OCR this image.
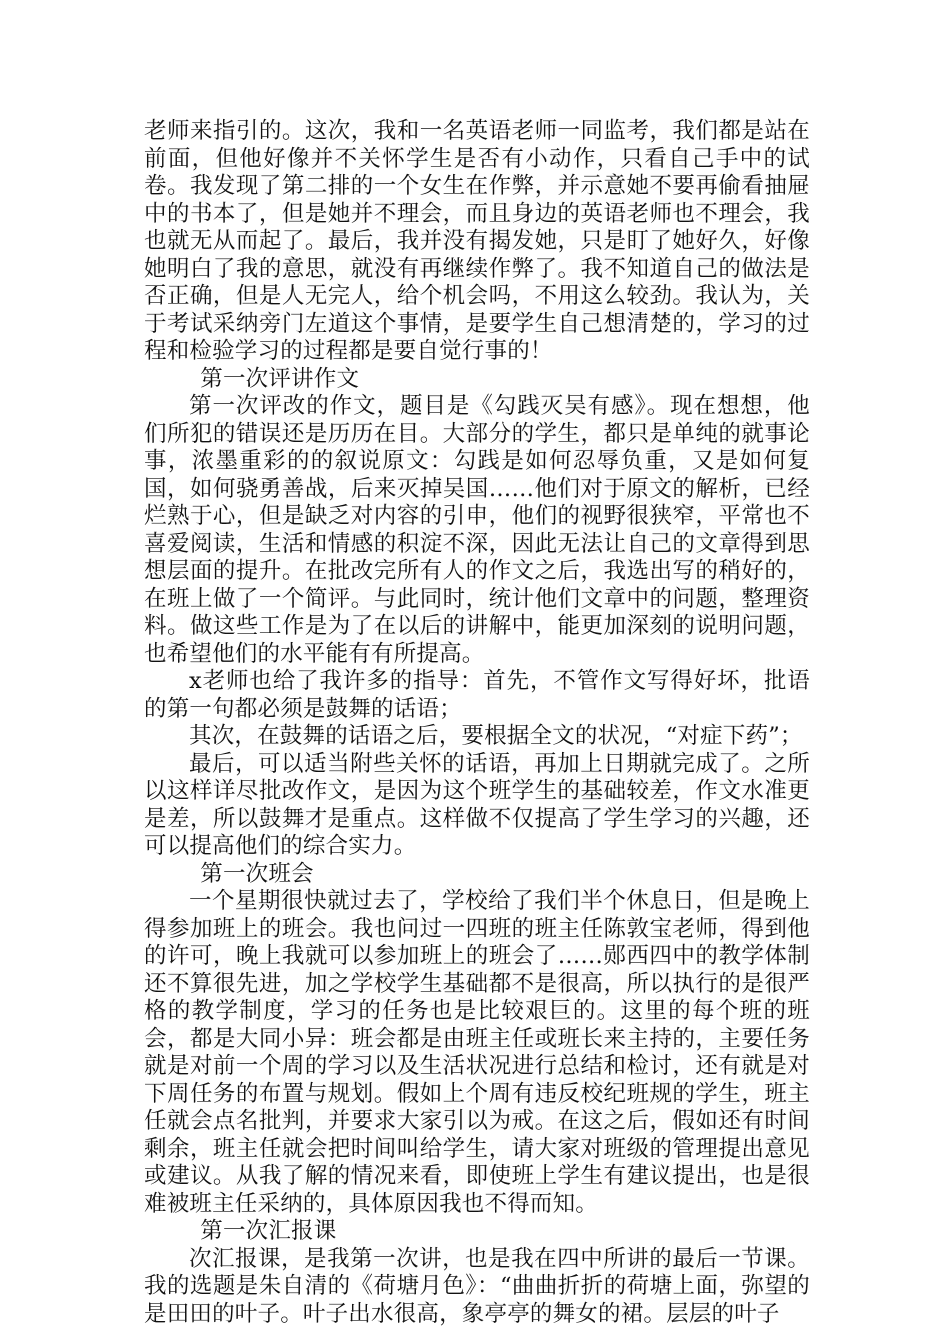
老师来指引的。这次，我和一名英语老师一同监考，我们都是站在前面，但他好像并不关怀学生是否有小动作，只看自己手中的试卷。我发现了第二排的一个女生在作弊，并示意她不要再偷看抽屉中的书本了，但是她并不理会，而且身边的英语老师也不理会，我也就无从而起了。最后，我并没有揭发她，只是盯了她好久，好像她明白了我的意思，就没有再继续作弊了。我不知道自己的做法是否正确，但是人无完人，给个机会吗，不用这么较劲。我认为，关于考试采纳旁门左道这个事情，是要学生自己想清楚的，学习的过程和检验学习的过程都是要自觉行事的！

第一次评讲作文

第一次评改的作文，题目是《勾践灭吴有感》。现在想想，他们所犯的错误还是历历在目。大部分的学生，都只是单纯的就事论事，浓墨重彩的的叙说原文：勾践是如何忍辱负重，又是如何复国，如何骁勇善战，后来灭掉吴国……他们对于原文的解析，已经烂熟于心，但是缺乏对内容的引申，他们的视野很狭窄，平常也不喜爱阅读，生活和情感的积淀不深，因此无法让自己的文章得到思想层面的提升。在批改完所有人的作文之后，我选出写的稍好的，在班上做了一个简评。与此同时，统计他们文章中的问题，整理资料。做这些工作是为了在以后的讲解中，能更加深刻的说明问题，也希望他们的水平能有有所提高。

x老师也给了我许多的指导：首先，不管作文写得好坏，批语的第一句都必须是鼓舞的话语；

其次，在鼓舞的话语之后，要根据全文的状况，“对症下药”；

最后，可以适当附些关怀的话语，再加上日期就完成了。之所以这样详尽批改作文，是因为这个班学生的基础较差，作文水准更是差，所以鼓舞才是重点。这样做不仅提高了学生学习的兴趣，还可以提高他们的综合实力。

第一次班会

一个星期很快就过去了，学校给了我们半个休息日，但是晚上得参加班上的班会。我也问过一四班的班主任陈敦宝老师，得到他的许可，晚上我就可以参加班上的班会了……郧西四中的教学体制还不算很先进，加之学校学生基础都不是很高，所以执行的是很严格的教学制度，学习的任务也是比较艰巨的。这里的每个班的班会，都是大同小异：班会都是由班主任或班长来主持的，主要任务就是对前一个周的学习以及生活状况进行总结和检讨，还有就是对下周任务的布置与规划。假如上个周有违反校纪班规的学生，班主任就会点名批判，并要求大家引以为戒。在这之后，假如还有时间剩余，班主任就会把时间叫给学生，请大家对班级的管理提出意见或建议。从我了解的情况来看，即使班上学生有建议提出，也是很难被班主任采纳的，具体原因我也不得而知。

第一次汇报课

次汇报课，是我第一次讲，也是我在四中所讲的最后一节课。我的选题是朱自清的《荷塘月色》：“曲曲折折的荷塘上面，弥望的是田田的叶子。叶子出水很高，象亭亭的舞女的裙。层层的叶子
